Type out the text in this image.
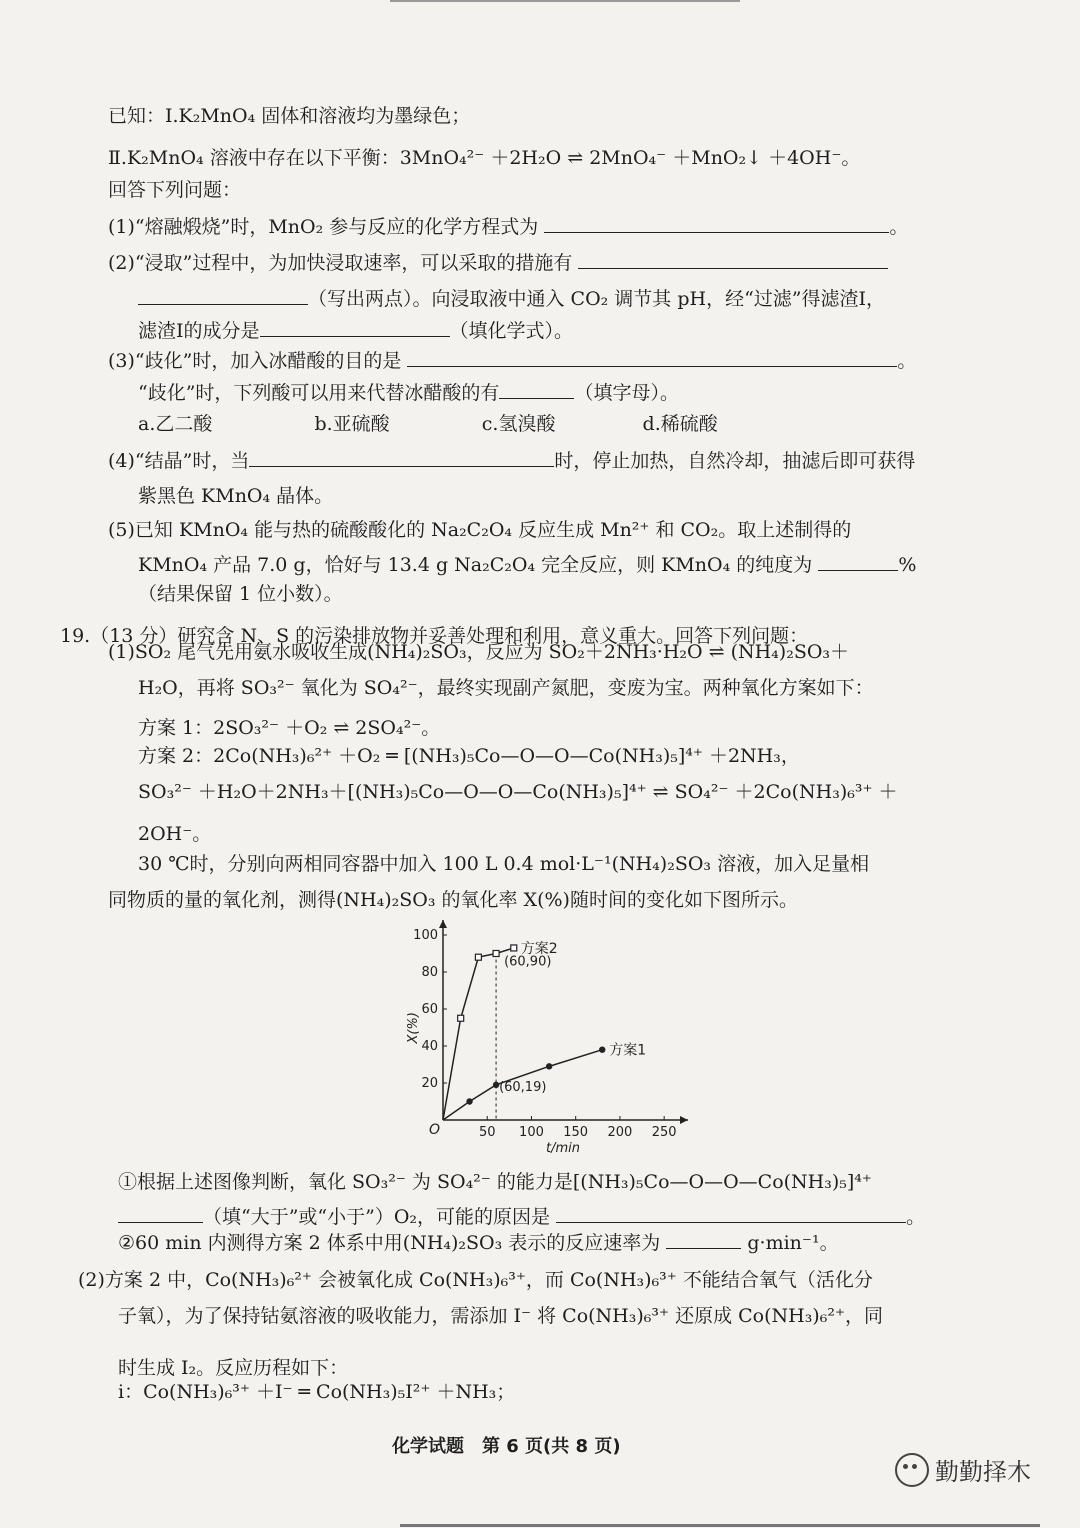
已知：Ⅰ.K₂MnO₄ 固体和溶液均为墨绿色；
Ⅱ.K₂MnO₄ 溶液中存在以下平衡：3MnO₄²⁻ ＋2H₂O ⇌ 2MnO₄⁻ ＋MnO₂↓ ＋4OH⁻。
回答下列问题：
(1)“熔融煅烧”时，MnO₂ 参与反应的化学方程式为	。
(2)“浸取”过程中，为加快浸取速率，可以采取的措施有
（写出两点）。向浸取液中通入 CO₂ 调节其 pH，经“过滤”得滤渣Ⅰ，
滤渣Ⅰ的成分是	（填化学式）。
(3)“歧化”时，加入冰醋酸的目的是	。
“歧化”时，下列酸可以用来代替冰醋酸的有	（填字母）。
a.乙二酸	b.亚硫酸	c.氢溴酸	d.稀硫酸
(4)“结晶”时，当	时，停止加热，自然冷却，抽滤后即可获得
紫黑色 KMnO₄ 晶体。
(5)已知 KMnO₄ 能与热的硫酸酸化的 Na₂C₂O₄ 反应生成 Mn²⁺ 和 CO₂。取上述制得的
KMnO₄ 产品 7.0 g，恰好与 13.4 g Na₂C₂O₄ 完全反应，则 KMnO₄ 的纯度为	%
（结果保留 1 位小数）。
19.（13 分）研究含 N、S 的污染排放物并妥善处理和利用，意义重大。回答下列问题：
(1)SO₂ 尾气先用氨水吸收生成(NH₄)₂SO₃，反应为 SO₂＋2NH₃·H₂O ⇌ (NH₄)₂SO₃＋
H₂O，再将 SO₃²⁻ 氧化为 SO₄²⁻，最终实现副产氮肥，变废为宝。两种氧化方案如下：
方案 1：2SO₃²⁻ ＋O₂ ⇌ 2SO₄²⁻。
方案 2：2Co(NH₃)₆²⁺ ＋O₂ ═ [(NH₃)₅Co—O—O—Co(NH₃)₅]⁴⁺ ＋2NH₃，
SO₃²⁻ ＋H₂O＋2NH₃＋[(NH₃)₅Co—O—O—Co(NH₃)₅]⁴⁺ ⇌ SO₄²⁻ ＋2Co(NH₃)₆³⁺ ＋
2OH⁻。
30 ℃时，分别向两相同容器中加入 100 L 0.4 mol·L⁻¹(NH₄)₂SO₃ 溶液，加入足量相
同物质的量的氧化剂，测得(NH₄)₂SO₃ 的氧化率 X(%)随时间的变化如下图所示。
50 100 150 200 250
20
40
60
80
100
O
t/min
X(%)
方案2
方案1
(60,90)
(60,19)
①根据上述图像判断，氧化 SO₃²⁻ 为 SO₄²⁻ 的能力是[(NH₃)₅Co—O—O—Co(NH₃)₅]⁴⁺
（填“大于”或“小于”）O₂，可能的原因是	。
②60 min 内测得方案 2 体系中用(NH₄)₂SO₃ 表示的反应速率为	g·min⁻¹。
(2)方案 2 中，Co(NH₃)₆²⁺ 会被氧化成 Co(NH₃)₆³⁺，而 Co(NH₃)₆³⁺ 不能结合氧气（活化分
子氧），为了保持钴氨溶液的吸收能力，需添加 I⁻ 将 Co(NH₃)₆³⁺ 还原成 Co(NH₃)₆²⁺，同
时生成 I₂。反应历程如下：
ⅰ：Co(NH₃)₆³⁺ ＋I⁻ ═ Co(NH₃)₅I²⁺ ＋NH₃；
化学试题　第 6 页(共 8 页)
勤勤择木
